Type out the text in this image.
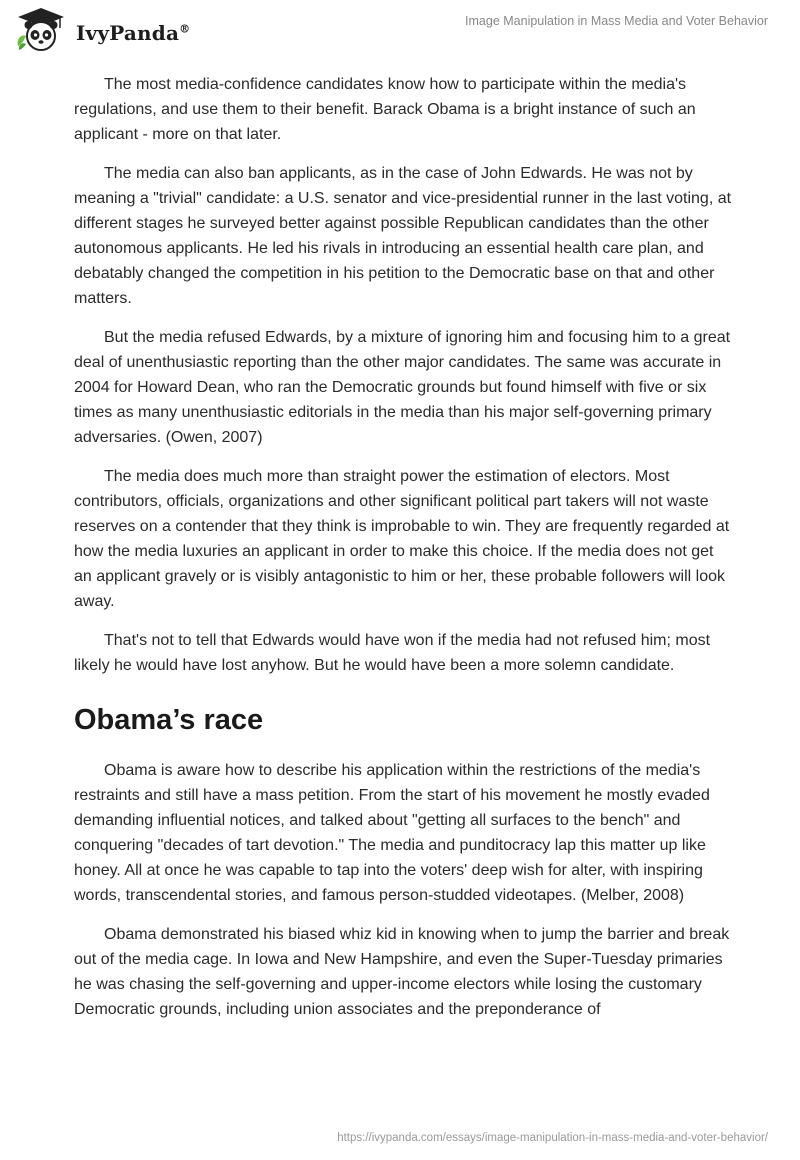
IvyPanda®
Image Manipulation in Mass Media and Voter Behavior

The most media-confidence candidates know how to participate within the media's regulations, and use them to their benefit. Barack Obama is a bright instance of such an applicant - more on that later.

The media can also ban applicants, as in the case of John Edwards. He was not by meaning a "trivial" candidate: a U.S. senator and vice-presidential runner in the last voting, at different stages he surveyed better against possible Republican candidates than the other autonomous applicants. He led his rivals in introducing an essential health care plan, and debatably changed the competition in his petition to the Democratic base on that and other matters.

But the media refused Edwards, by a mixture of ignoring him and focusing him to a great deal of unenthusiastic reporting than the other major candidates. The same was accurate in 2004 for Howard Dean, who ran the Democratic grounds but found himself with five or six times as many unenthusiastic editorials in the media than his major self-governing primary adversaries. (Owen, 2007)

The media does much more than straight power the estimation of electors. Most contributors, officials, organizations and other significant political part takers will not waste reserves on a contender that they think is improbable to win. They are frequently regarded at how the media luxuries an applicant in order to make this choice. If the media does not get an applicant gravely or is visibly antagonistic to him or her, these probable followers will look away.

That's not to tell that Edwards would have won if the media had not refused him; most likely he would have lost anyhow. But he would have been a more solemn candidate.

Obama’s race

Obama is aware how to describe his application within the restrictions of the media's restraints and still have a mass petition. From the start of his movement he mostly evaded demanding influential notices, and talked about "getting all surfaces to the bench" and conquering "decades of tart devotion." The media and punditocracy lap this matter up like honey. All at once he was capable to tap into the voters' deep wish for alter, with inspiring words, transcendental stories, and famous person-studded videotapes. (Melber, 2008)

Obama demonstrated his biased whiz kid in knowing when to jump the barrier and break out of the media cage. In Iowa and New Hampshire, and even the Super-Tuesday primaries he was chasing the self-governing and upper-income electors while losing the customary Democratic grounds, including union associates and the preponderance of

https://ivypanda.com/essays/image-manipulation-in-mass-media-and-voter-behavior/
